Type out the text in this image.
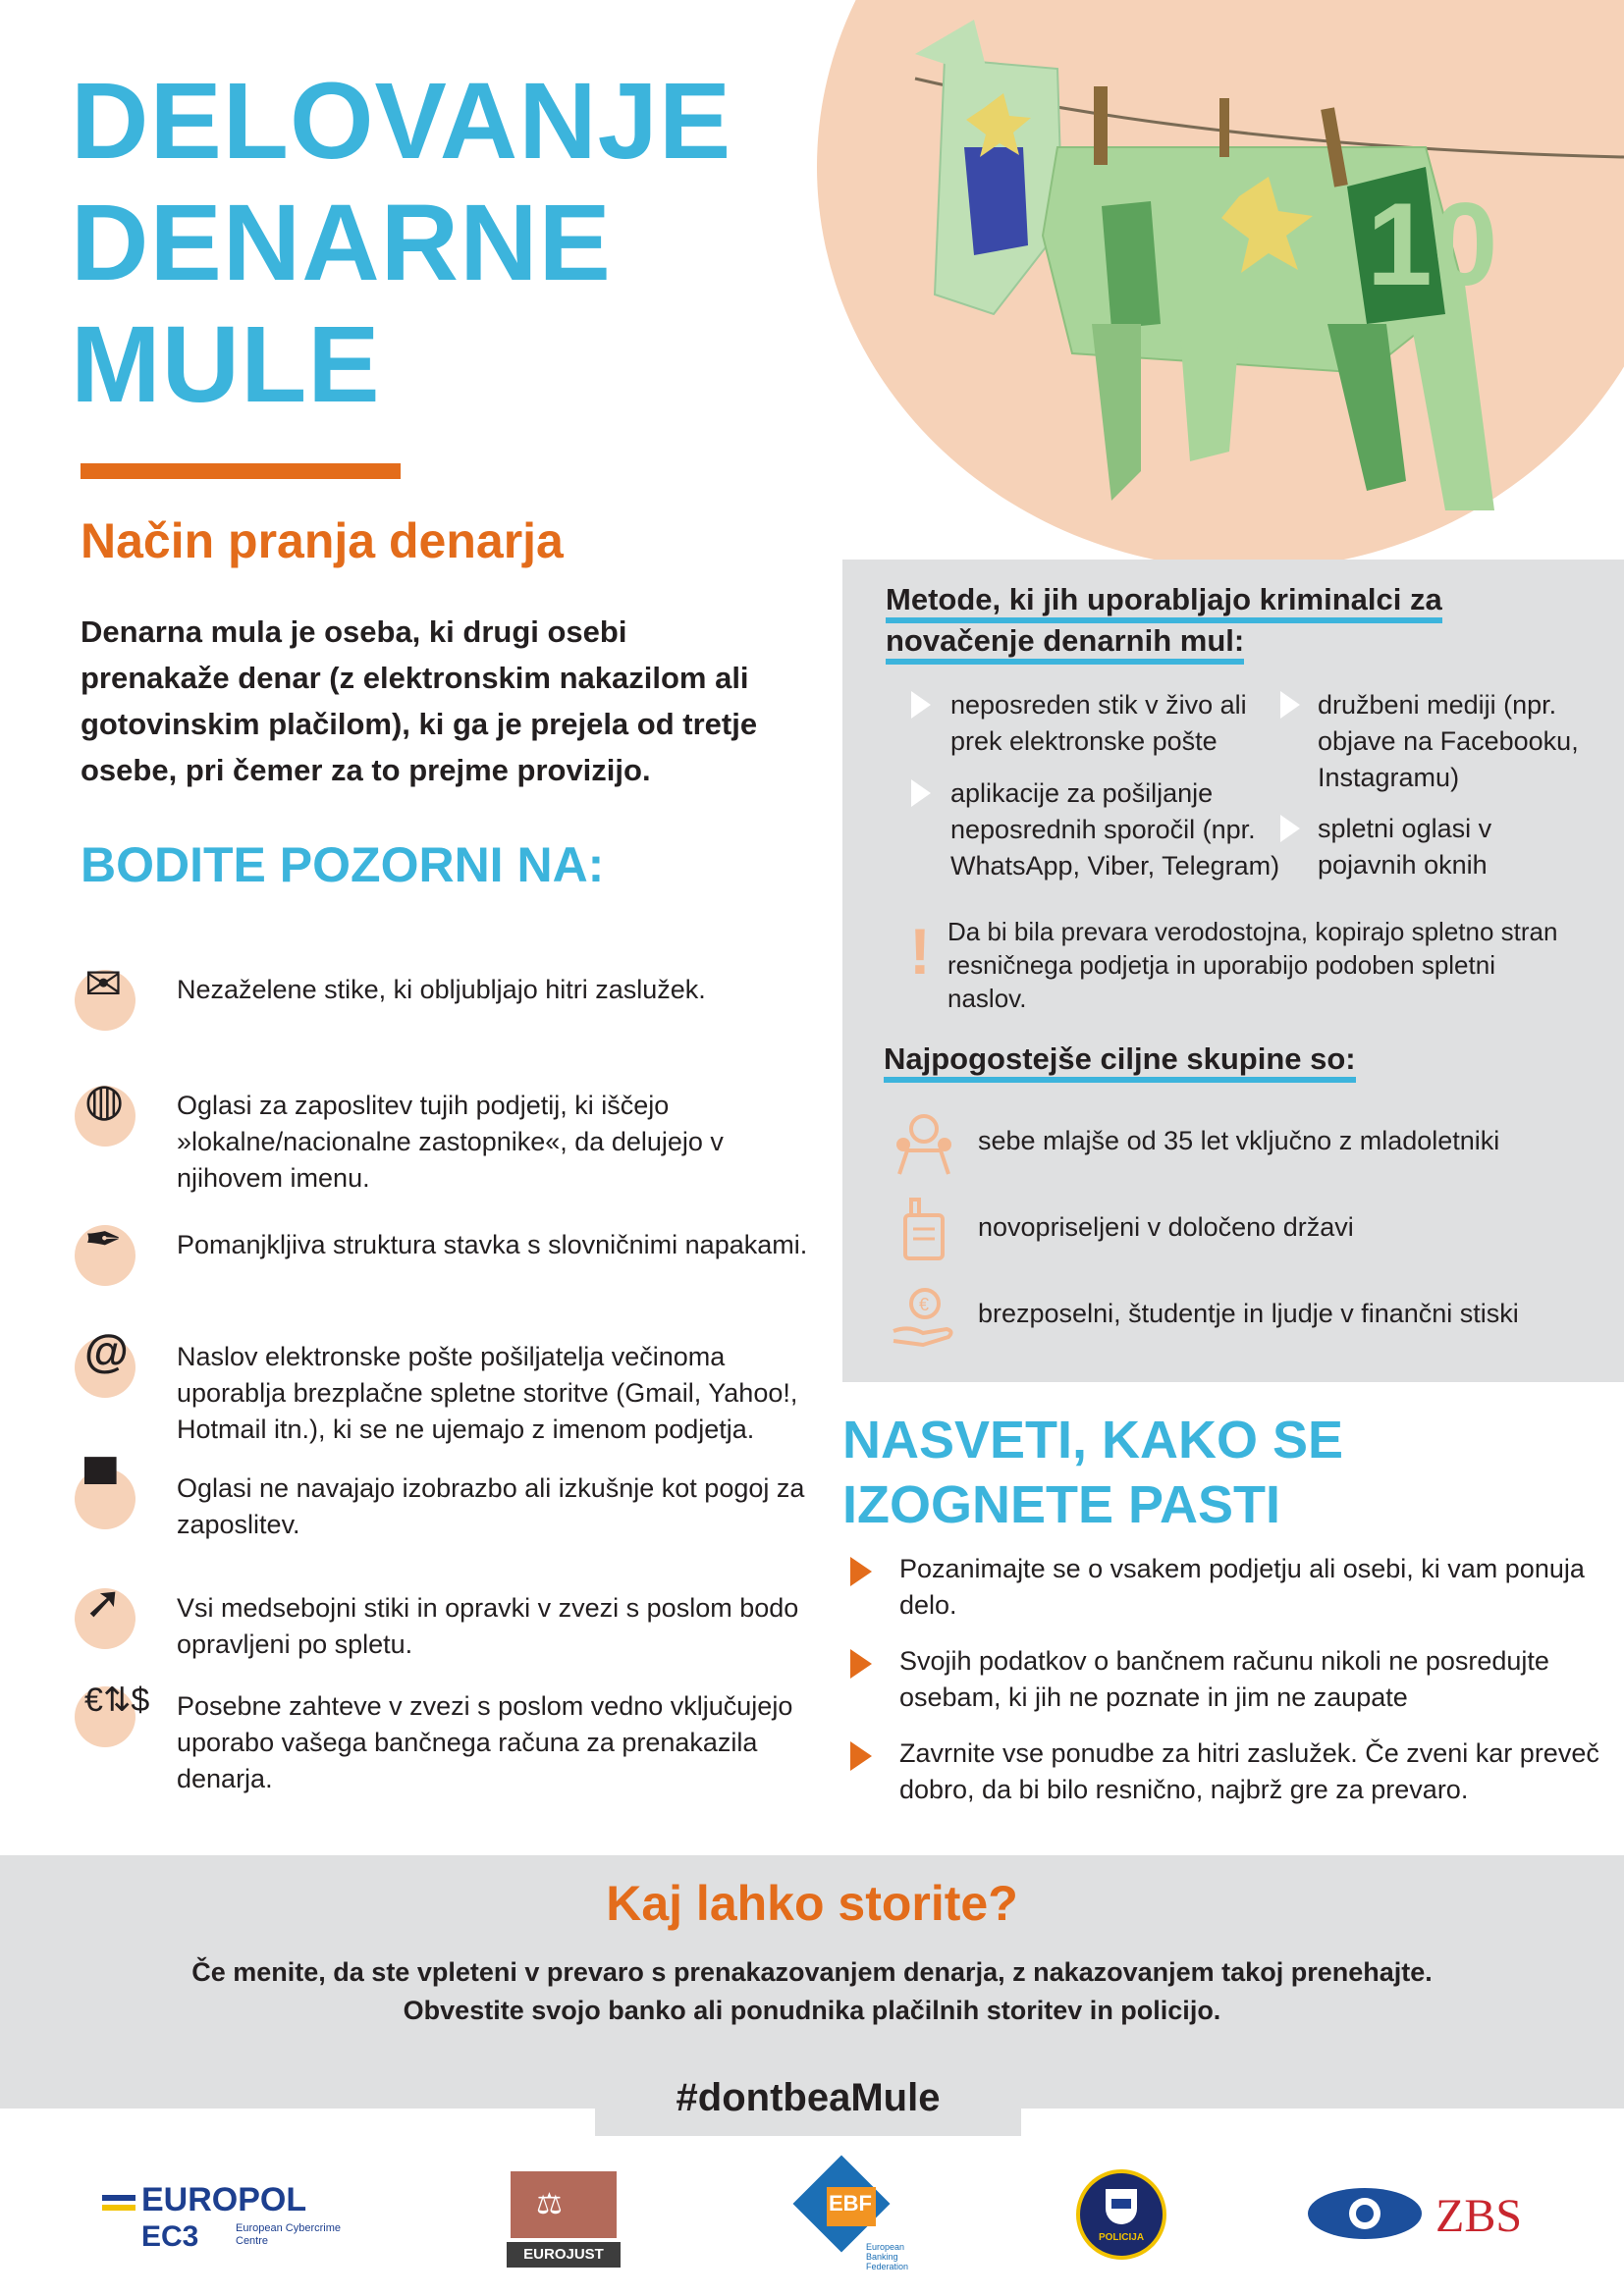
10
DELOVANJE
DENARNE
MULE
Način pranja denarja
Denarna mula je oseba, ki drugi osebi prenakaže denar (z elektronskim nakazilom ali gotovinskim plačilom), ki ga je prejela od tretje osebe, pri čemer za to prejme provizijo.
BODITE POZORNI NA:
✉ Nezažel​ene stike, ki obljubljajo hitri zaslužek.
◍ Oglasi za zaposlitev tujih podjetij, ki iščejo »lokalne/nacionalne zastopnike«, da delujejo v njihovem imenu.
✒ Pomanjkljiva struktura stavka s slovničnimi napakami.
@ Naslov elektronske pošte pošiljatelja večinoma uporablja brezplačne spletne storitve (Gmail, Yahoo!, Hotmail itn.), ki se ne ujemajo z imenom podjetja.
▀ Oglasi ne navajajo izobrazbo ali izkušnje kot pogoj za zaposlitev.
➚ Vsi medsebojni stiki in opravki v zvezi s poslom bodo opravljeni po spletu.
€⇅$ Posebne zahteve v zvezi s poslom vedno vključujejo uporabo vašega bančnega računa za prenakazila denarja.
Metode, ki jih uporabljajo kriminalci za
novačenje denarnih mul:
neposreden stik v živo ali prek elektronske pošte
aplikacije za pošiljanje neposrednih sporočil (npr. WhatsApp, Viber, Telegram)
družbeni mediji (npr. objave na Facebooku, Instagramu)
spletni oglasi v pojavnih oknih
! Da bi bila prevara verodostojna, kopirajo spletno stran resničnega podjetja in uporabijo podoben spletni naslov.
Najpogostejše ciljne skupine so:
sebe mlajše od 35 let vključno z mladoletniki
novopriseljeni v določeno državi
€ brezposelni, študentje in ljudje v finančni stiski
NASVETI, KAKO SE
IZOGNETE PASTI
Pozanimajte se o vsakem podjetju ali osebi, ki vam ponuja delo.
Svojih podatkov o bančnem računu nikoli ne posredujte osebam, ki jih ne poznate in jim ne zaupate
Zavrnite vse ponudbe za hitri zaslužek. Če zveni kar preveč dobro, da bi bilo resnično, najbrž gre za prevaro.
Kaj lahko storite?
Če menite, da ste vpleteni v prevaro s prenakazovanjem denarja, z nakazovanjem takoj prenehajte.
Obvestite svojo banko ali ponudnika plačilnih storitev in policijo.
#dontbeaMule
EUROPOL
EC3	European Cybercrime
Centre
⚖
EUROJUST
EBF
European Banking Federation
POLICIJA	ZBS
